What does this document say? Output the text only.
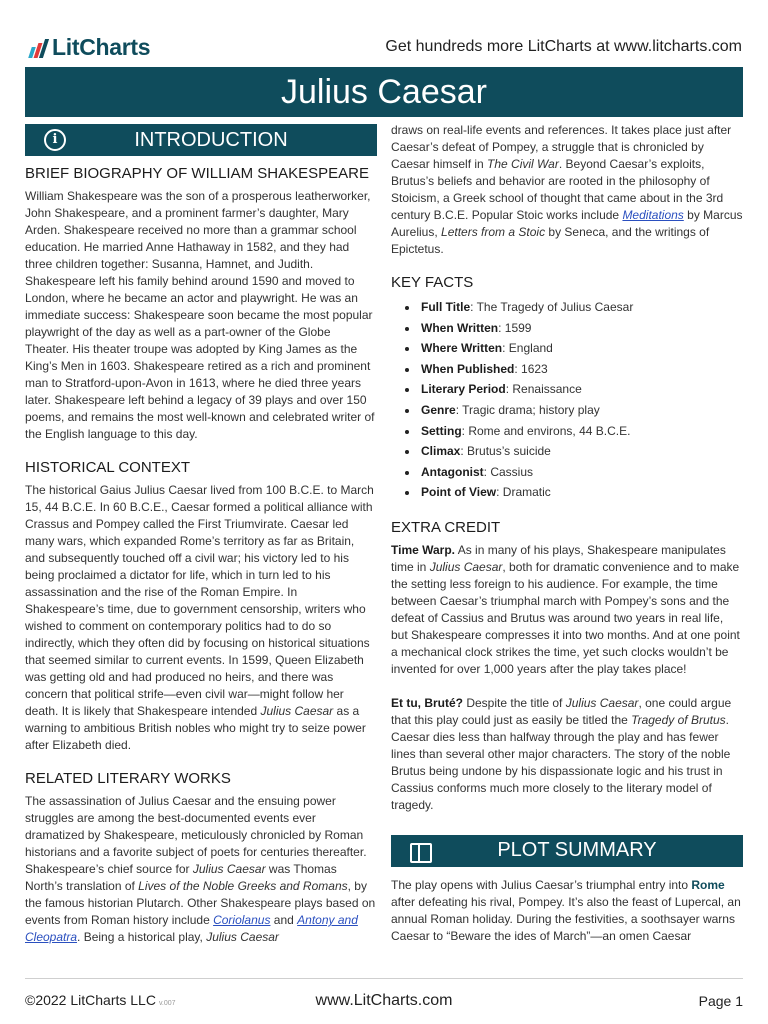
LitCharts	Get hundreds more LitCharts at www.litcharts.com
Julius Caesar
i	INTRODUCTION
BRIEF BIOGRAPHY OF WILLIAM SHAKESPEARE

William Shakespeare was the son of a prosperous leatherworker, John Shakespeare, and a prominent farmer’s daughter, Mary Arden. Shakespeare received no more than a grammar school education. He married Anne Hathaway in 1582, and they had three children together: Susanna, Hamnet, and Judith. Shakespeare left his family behind around 1590 and moved to London, where he became an actor and playwright. He was an immediate success: Shakespeare soon became the most popular playwright of the day as well as a part-owner of the Globe Theater. His theater troupe was adopted by King James as the King’s Men in 1603. Shakespeare retired as a rich and prominent man to Stratford-upon-Avon in 1613, where he died three years later. Shakespeare left behind a legacy of 39 plays and over 150 poems, and remains the most well-known and celebrated writer of the English language to this day.

HISTORICAL CONTEXT

The historical Gaius Julius Caesar lived from 100 B.C.E. to March 15, 44 B.C.E. In 60 B.C.E., Caesar formed a political alliance with Crassus and Pompey called the First Triumvirate. Caesar led many wars, which expanded Rome’s territory as far as Britain, and subsequently touched off a civil war; his victory led to his being proclaimed a dictator for life, which in turn led to his assassination and the rise of the Roman Empire. In Shakespeare’s time, due to government censorship, writers who wished to comment on contemporary politics had to do so indirectly, which they often did by focusing on historical situations that seemed similar to current events. In 1599, Queen Elizabeth was getting old and had produced no heirs, and there was concern that political strife—even civil war—might follow her death. It is likely that Shakespeare intended Julius Caesar as a warning to ambitious British nobles who might try to seize power after Elizabeth died.

RELATED LITERARY WORKS

The assassination of Julius Caesar and the ensuing power struggles are among the best-documented events ever dramatized by Shakespeare, meticulously chronicled by Roman historians and a favorite subject of poets for centuries thereafter. Shakespeare’s chief source for Julius Caesar was Thomas North’s translation of Lives of the Noble Greeks and Romans, by the famous historian Plutarch. Other Shakespeare plays based on events from Roman history include Coriolanus and Antony and Cleopatra. Being a historical play, Julius Caesar

draws on real-life events and references. It takes place just after Caesar’s defeat of Pompey, a struggle that is chronicled by Caesar himself in The Civil War. Beyond Caesar’s exploits, Brutus’s beliefs and behavior are rooted in the philosophy of Stoicism, a Greek school of thought that came about in the 3rd century B.C.E. Popular Stoic works include Meditations by Marcus Aurelius, Letters from a Stoic by Seneca, and the writings of Epictetus.

KEY FACTS
Full Title: The Tragedy of Julius Caesar
When Written: 1599
Where Written: England
When Published: 1623
Literary Period: Renaissance
Genre: Tragic drama; history play
Setting: Rome and environs, 44 B.C.E.
Climax: Brutus’s suicide
Antagonist: Cassius
Point of View: Dramatic
EXTRA CREDIT

Time Warp. As in many of his plays, Shakespeare manipulates time in Julius Caesar, both for dramatic convenience and to make the setting less foreign to his audience. For example, the time between Caesar’s triumphal march with Pompey’s sons and the defeat of Cassius and Brutus was around two years in real life, but Shakespeare compresses it into two months. And at one point a mechanical clock strikes the time, yet such clocks wouldn’t be invented for over 1,000 years after the play takes place!

Et tu, Bruté? Despite the title of Julius Caesar, one could argue that this play could just as easily be titled the Tragedy of Brutus. Caesar dies less than halfway through the play and has fewer lines than several other major characters. The story of the noble Brutus being undone by his dispassionate logic and his trust in Cassius conforms much more closely to the literary model of tragedy.

PLOT SUMMARY

The play opens with Julius Caesar’s triumphal entry into Rome after defeating his rival, Pompey. It’s also the feast of Lupercal, an annual Roman holiday. During the festivities, a soothsayer warns Caesar to “Beware the ides of March”—an omen Caesar

©2022 LitCharts LLC v.007	www.LitCharts.com	Page 1
